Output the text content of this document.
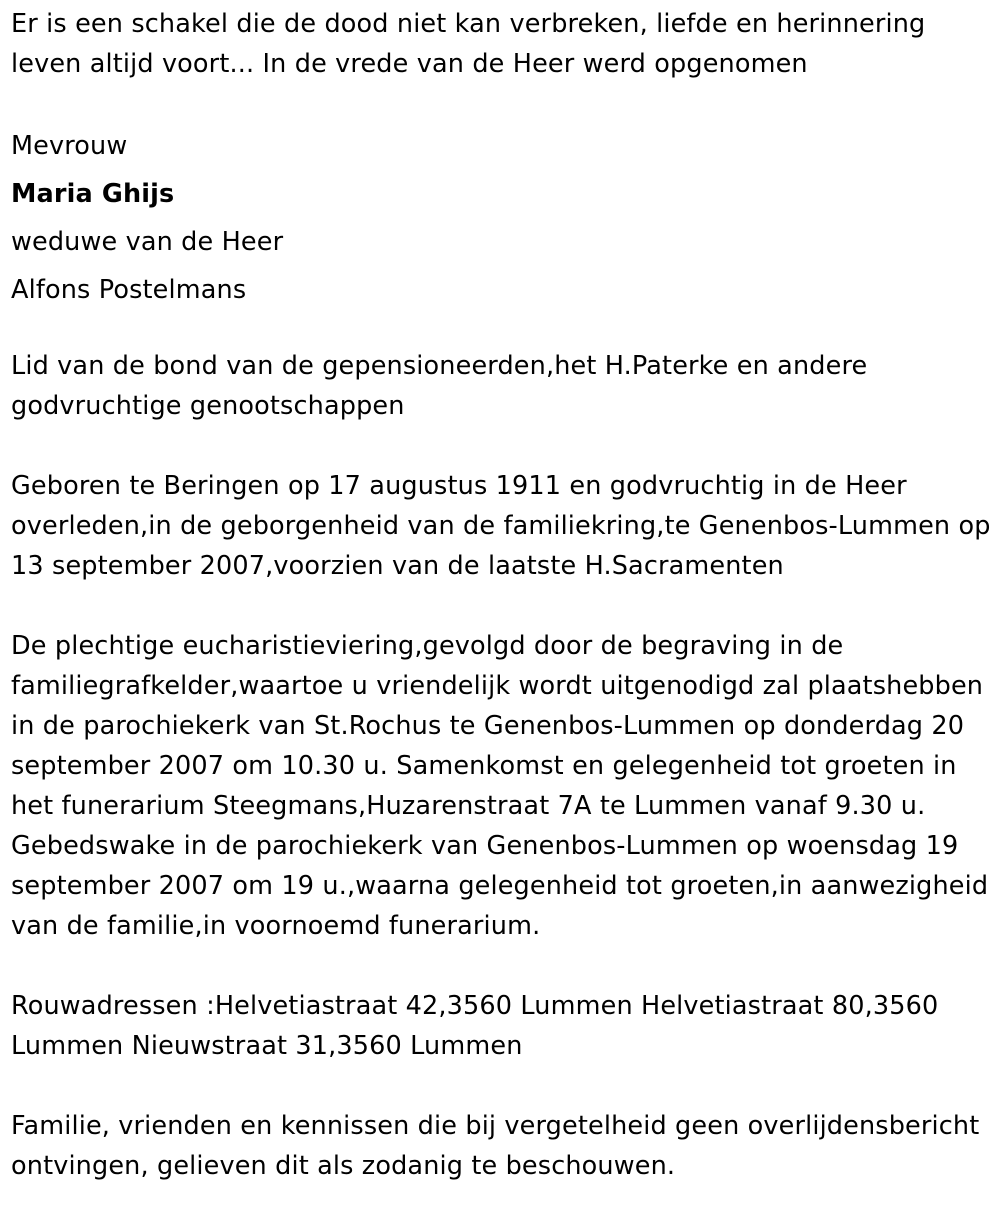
Er is een schakel die de dood niet kan verbreken, liefde en herinnering leven altijd voort... In de vrede van de Heer werd opgenomen

Mevrouw

Maria Ghijs

weduwe van de Heer

Alfons Postelmans

Lid van de bond van de gepensioneerden,het H.Paterke en andere godvruchtige genootschappen

Geboren te Beringen op 17 augustus 1911 en godvruchtig in de Heer overleden,in de geborgenheid van de familiekring,te Genenbos-Lummen op 13 september 2007,voorzien van de laatste H.Sacramenten

De plechtige eucharistieviering,gevolgd door de begraving in de familiegrafkelder,waartoe u vriendelijk wordt uitgenodigd zal plaatshebben in de parochiekerk van St.Rochus te Genenbos-Lummen op donderdag 20 september 2007 om 10.30 u. Samenkomst en gelegenheid tot groeten in het funerarium Steegmans,Huzarenstraat 7A te Lummen vanaf 9.30 u. Gebedswake in de parochiekerk van Genenbos-Lummen op woensdag 19 september 2007 om 19 u.,waarna gelegenheid tot groeten,in aanwezigheid van de familie,in voornoemd funerarium.

Rouwadressen :Helvetiastraat 42,3560 Lummen Helvetiastraat 80,3560 Lummen Nieuwstraat 31,3560 Lummen

Familie, vrienden en kennissen die bij vergetelheid geen overlijdensbericht ontvingen, gelieven dit als zodanig te beschouwen.
